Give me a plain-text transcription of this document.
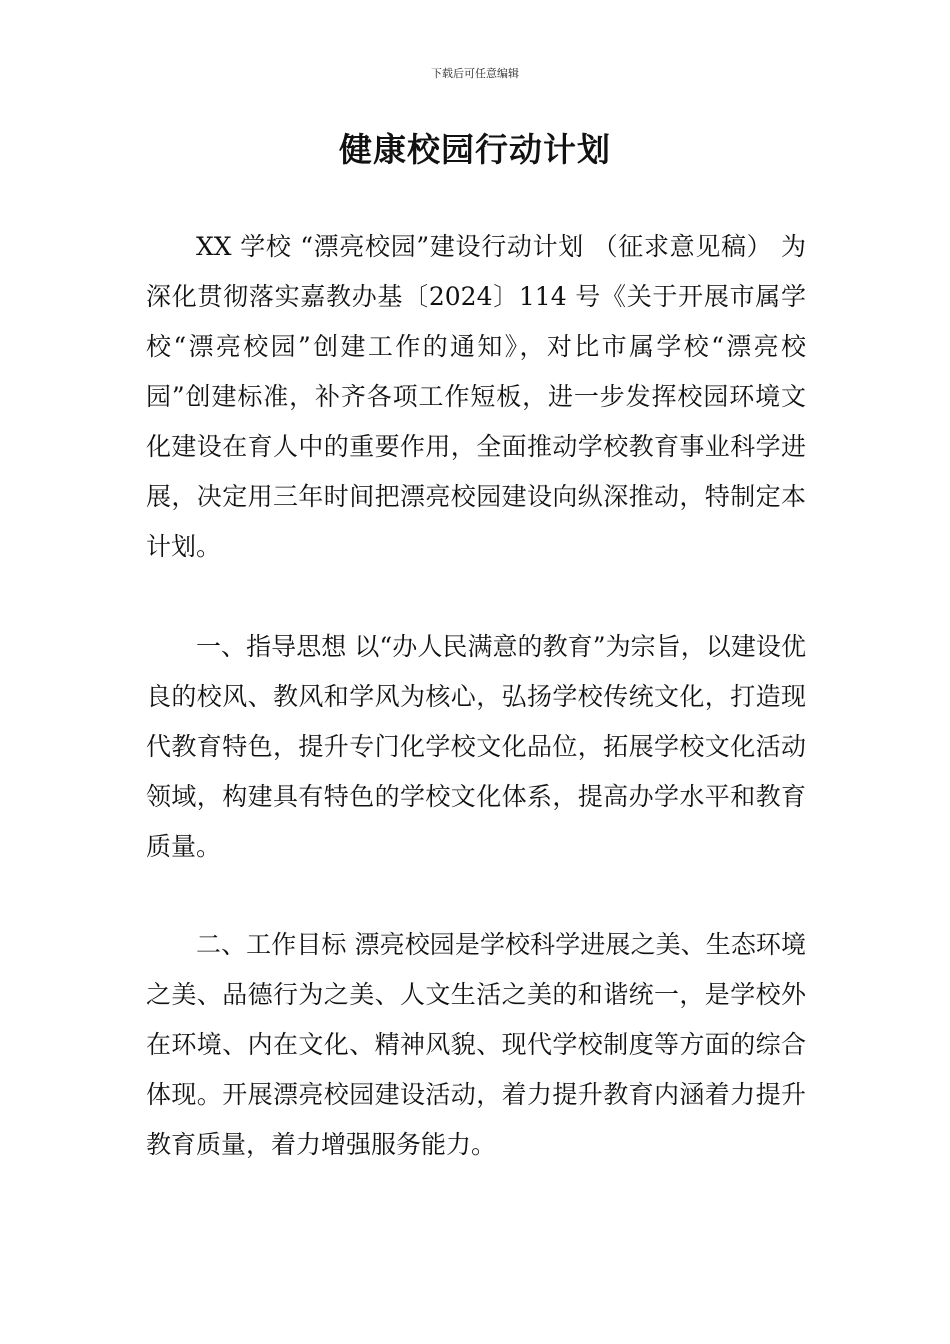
下载后可任意编辑
健康校园行动计划

XX 学校 “漂亮校园”建设行动计划 （征求意见稿） 为深化贯彻落实嘉教办基〔2024〕114 号《关于开展市属学校“漂亮校园”创建工作的通知》，对比市属学校“漂亮校园”创建标准，补齐各项工作短板，进一步发挥校园环境文化建设在育人中的重要作用，全面推动学校教育事业科学进展，决定用三年时间把漂亮校园建设向纵深推动，特制定本计划。

一、指导思想 以“办人民满意的教育”为宗旨，以建设优良的校风、教风和学风为核心，弘扬学校传统文化，打造现代教育特色，提升专门化学校文化品位，拓展学校文化活动领域，构建具有特色的学校文化体系，提高办学水平和教育质量。

二、工作目标 漂亮校园是学校科学进展之美、生态环境之美、品德行为之美、人文生活之美的和谐统一，是学校外在环境、内在文化、精神风貌、现代学校制度等方面的综合体现。开展漂亮校园建设活动，着力提升教育内涵着力提升教育质量，着力增强服务能力。
